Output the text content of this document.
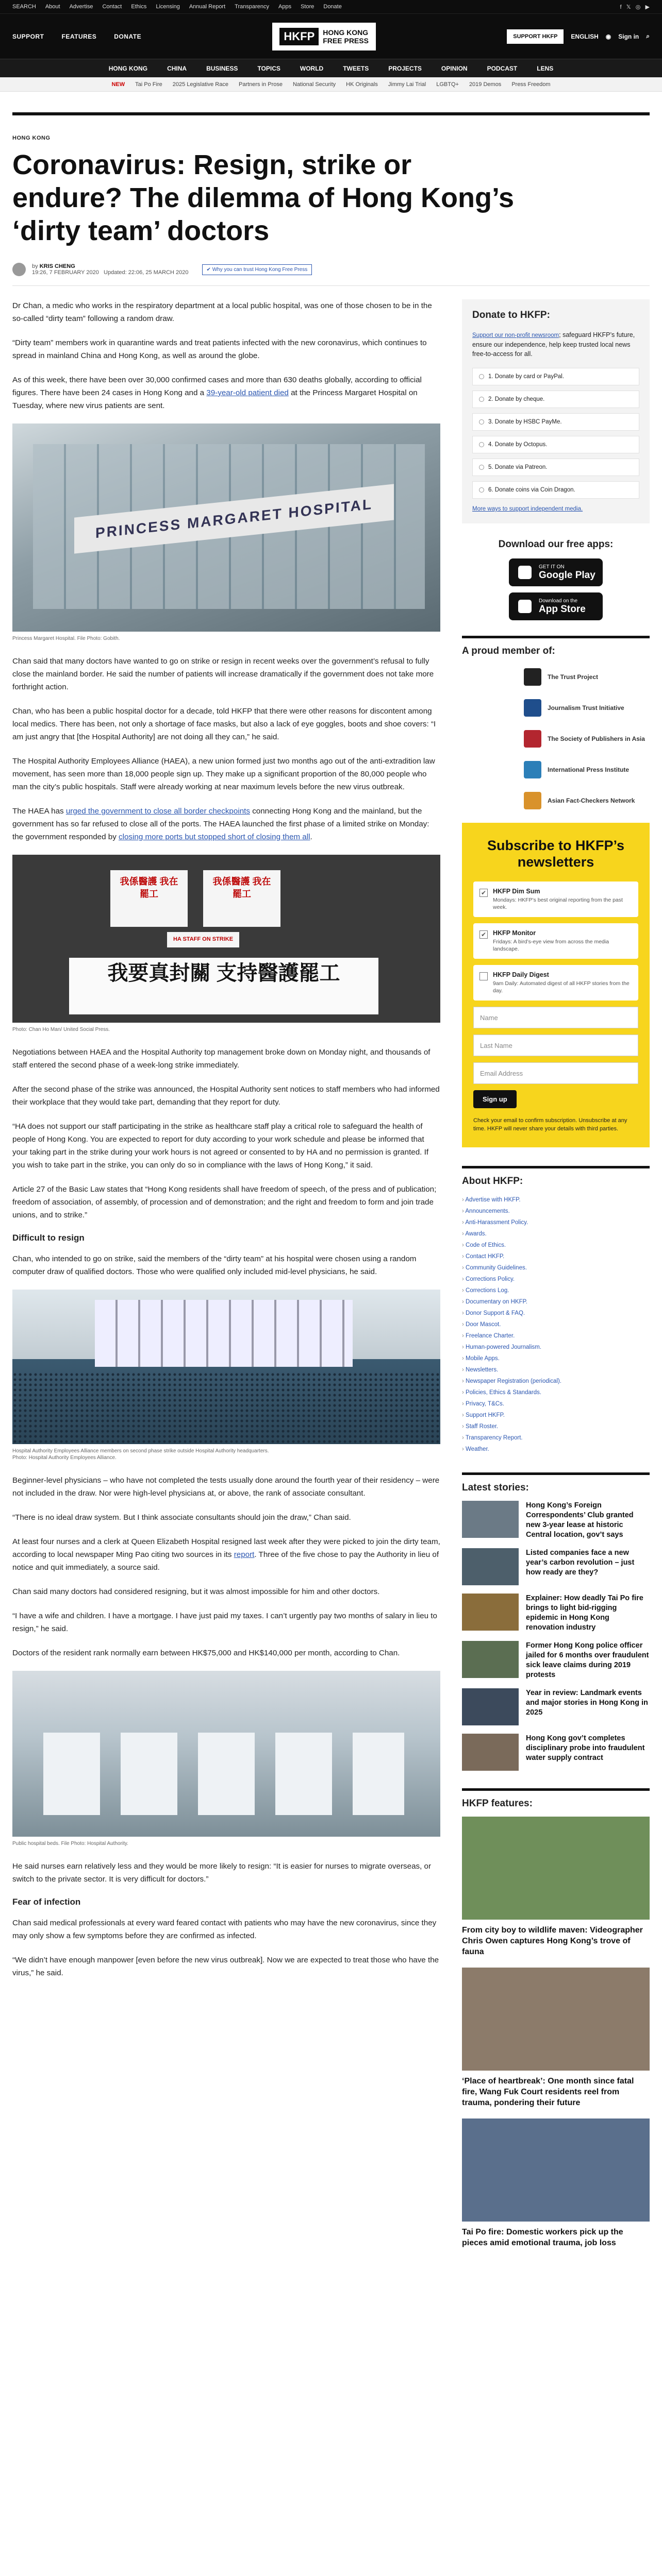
SEARCH About Advertise Contact Ethics Licensing Annual Report Transparency Apps Store Donate	f   𝕏   ◎   ▶
SUPPORT	FEATURES	DONATE	HKFP	HONG KONG
FREE PRESS	SUPPORT HKFP	ENGLISH ◉ Sign in ⌕
HONG KONG	CHINA	BUSINESS	TOPICS	WORLD	TWEETS	PROJECTS	OPINION	PODCAST	LENS
NEW Tai Po Fire 2025 Legislative Race Partners in Prose National Security HK Originals Jimmy Lai Trial LGBTQ+ 2019 Demos Press Freedom
HONG KONG
Coronavirus: Resign, strike or endure? The dilemma of Hong Kong’s ‘dirty team’ doctors
by KRIS CHENG
19:26, 7 FEBRUARY 2020 Updated: 22:06, 25 MARCH 2020	✔ Why you can trust Hong Kong Free Press

Dr Chan, a medic who works in the respiratory department at a local public hospital, was one of those chosen to be in the so-called “dirty team” following a random draw.

“Dirty team” members work in quarantine wards and treat patients infected with the new coronavirus, which continues to spread in mainland China and Hong Kong, as well as around the globe.

As of this week, there have been over 30,000 confirmed cases and more than 630 deaths globally, according to official figures. There have been 24 cases in Hong Kong and a 39-year-old patient died at the Princess Margaret Hospital on Tuesday, where new virus patients are sent.

PRINCESS MARGARET HOSPITAL
Princess Margaret Hospital. File Photo: Gobith.

Chan said that many doctors have wanted to go on strike or resign in recent weeks over the government’s refusal to fully close the mainland border. He said the number of patients will increase dramatically if the government does not take more forthright action.

Chan, who has been a public hospital doctor for a decade, told HKFP that there were other reasons for discontent among local medics. There has been, not only a shortage of face masks, but also a lack of eye goggles, boots and shoe covers: “I am just angry that [the Hospital Authority] are not doing all they can,” he said.

The Hospital Authority Employees Alliance (HAEA), a new union formed just two months ago out of the anti-extradition law movement, has seen more than 18,000 people sign up. They make up a significant proportion of the 80,000 people who man the city’s public hospitals. Staff were already working at near maximum levels before the new virus outbreak.

The HAEA has urged the government to close all border checkpoints connecting Hong Kong and the mainland, but the government has so far refused to close all of the ports. The HAEA launched the first phase of a limited strike on Monday: the government responded by closing more ports but stopped short of closing them all.

我係醫護 我在罷工
我係醫護 我在罷工
HA STAFF ON STRIKE
我要真封關 支持醫護罷工
Photo: Chan Ho Man/ United Social Press.

Negotiations between HAEA and the Hospital Authority top management broke down on Monday night, and thousands of staff entered the second phase of a week-long strike immediately.

After the second phase of the strike was announced, the Hospital Authority sent notices to staff members who had informed their workplace that they would take part, demanding that they report for duty.

“HA does not support our staff participating in the strike as healthcare staff play a critical role to safeguard the health of people of Hong Kong. You are expected to report for duty according to your work schedule and please be informed that your taking part in the strike during your work hours is not agreed or consented to by HA and no permission is granted. If you wish to take part in the strike, you can only do so in compliance with the laws of Hong Kong,” it said.

Article 27 of the Basic Law states that “Hong Kong residents shall have freedom of speech, of the press and of publication; freedom of association, of assembly, of procession and of demonstration; and the right and freedom to form and join trade unions, and to strike.”

Difficult to resign

Chan, who intended to go on strike, said the members of the “dirty team” at his hospital were chosen using a random computer draw of qualified doctors. Those who were qualified only included mid-level physicians, he said.

Hospital Authority Employees Alliance members on second phase strike outside Hospital Authority headquarters.
Photo: Hospital Authority Employees Alliance.

Beginner-level physicians – who have not completed the tests usually done around the fourth year of their residency – were not included in the draw. Nor were high-level physicians at, or above, the rank of associate consultant.

“There is no ideal draw system. But I think associate consultants should join the draw,” Chan said.

At least four nurses and a clerk at Queen Elizabeth Hospital resigned last week after they were picked to join the dirty team, according to local newspaper Ming Pao citing two sources in its report. Three of the five chose to pay the Authority in lieu of notice and quit immediately, a source said.

Chan said many doctors had considered resigning, but it was almost impossible for him and other doctors.

“I have a wife and children. I have a mortgage. I have just paid my taxes. I can’t urgently pay two months of salary in lieu to resign,” he said.

Doctors of the resident rank normally earn between HK$75,000 and HK$140,000 per month, according to Chan.

Public hospital beds. File Photo: Hospital Authority.

He said nurses earn relatively less and they would be more likely to resign: “It is easier for nurses to migrate overseas, or switch to the private sector. It is very difficult for doctors.”

Fear of infection

Chan said medical professionals at every ward feared contact with patients who may have the new coronavirus, since they may only show a few symptoms before they are confirmed as infected.

“We didn’t have enough manpower [even before the new virus outbreak]. Now we are expected to treat those who have the virus,” he said.

Donate to HKFP:

Support our non-profit newsroom; safeguard HKFP’s future, ensure our independence, help keep trusted local news free-to-access for all.

1. Donate by card or PayPal.
2. Donate by cheque.
3. Donate by HSBC PayMe.
4. Donate by Octopus.
5. Donate via Patreon.
6. Donate coins via Coin Dragon.
More ways to support independent media.
Download our free apps:
GET IT ON
Google Play
Download on the
App Store
A proud member of:
The Trust Project
Journalism Trust Initiative
The Society of Publishers in Asia
International Press Institute
Asian Fact-Checkers Network
Subscribe to HKFP’s newsletters
✔ HKFP Dim Sum
Mondays: HKFP’s best original reporting from the past week.
✔ HKFP Monitor
Fridays: A bird’s-eye view from across the media landscape.
HKFP Daily Digest
9am Daily: Automated digest of all HKFP stories from the day.
Name
Last Name
Email Address
Sign up
Check your email to confirm subscription. Unsubscribe at any time. HKFP will never share your details with third parties.
About HKFP:
› Advertise with HKFP.
› Announcements.
› Anti-Harassment Policy.
› Awards.
› Code of Ethics.
› Contact HKFP.
› Community Guidelines.
› Corrections Policy.
› Corrections Log.
› Documentary on HKFP.
› Donor Support & FAQ.
› Door Mascot.
› Freelance Charter.
› Human-powered Journalism.
› Mobile Apps.
› Newsletters.
› Newspaper Registration (periodical).
› Policies, Ethics & Standards.
› Privacy, T&Cs.
› Support HKFP.
› Staff Roster.
› Transparency Report.
› Weather.
Latest stories:
Hong Kong’s Foreign Correspondents’ Club granted new 3-year lease at historic Central location, gov’t says
Listed companies face a new year’s carbon revolution – just how ready are they?
Explainer: How deadly Tai Po fire brings to light bid-rigging epidemic in Hong Kong renovation industry
Former Hong Kong police officer jailed for 6 months over fraudulent sick leave claims during 2019 protests
Year in review: Landmark events and major stories in Hong Kong in 2025
Hong Kong gov’t completes disciplinary probe into fraudulent water supply contract
HKFP features:
From city boy to wildlife maven: Videographer Chris Owen captures Hong Kong’s trove of fauna
‘Place of heartbreak’: One month since fatal fire, Wang Fuk Court residents reel from trauma, pondering their future
Tai Po fire: Domestic workers pick up the pieces amid emotional trauma, job loss
